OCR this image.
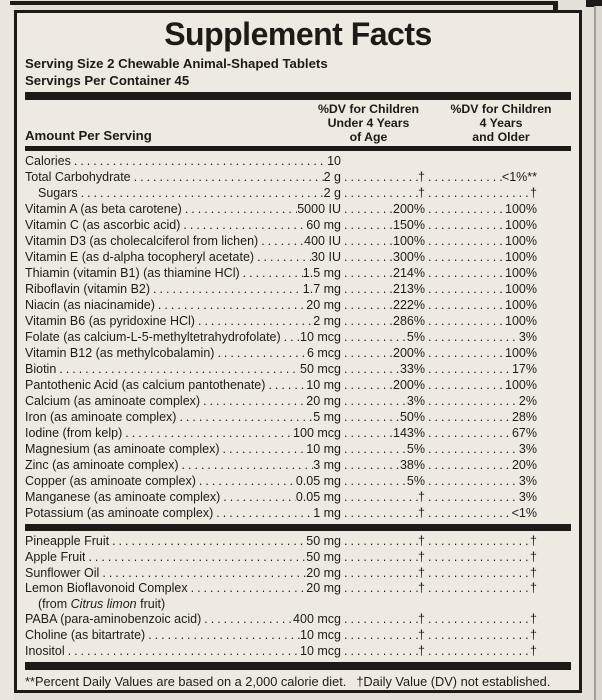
Supplement Facts
Serving Size 2 Chewable Animal-Shaped Tablets
Servings Per Container 45
Amount Per Serving
%DV for Children
Under 4 Years
of Age
%DV for Children
4 Years
and Older
Calories .....	10
Total Carbohydrate .....	2 g .....	† .....	<1%**
Sugars .....	2 g .....	† .....	†
Vitamin A (as beta carotene) .....	5000 IU .....	200% .....	100%
Vitamin C (as ascorbic acid) .....	60 mg .....	150% .....	100%
Vitamin D3 (as cholecalciferol from lichen) .....	400 IU .....	100% .....	100%
Vitamin E (as d-alpha tocopheryl acetate) .....	30 IU .....	300% .....	100%
Thiamin (vitamin B1) (as thiamine HCl) .....	1.5 mg .....	214% .....	100%
Riboflavin (vitamin B2) .....	1.7 mg .....	213% .....	100%
Niacin (as niacinamide) .....	20 mg .....	222% .....	100%
Vitamin B6 (as pyridoxine HCl) .....	2 mg .....	286% .....	100%
Folate (as calcium-L-5-methyltetrahydrofolate) ..... 10 mcg .....	5% .....	3%
Vitamin B12 (as methylcobalamin) .....	6 mcg .....	200% .....	100%
Biotin .....	50 mcg .....	33% .....	17%
Pantothenic Acid (as calcium pantothenate) .....	10 mg .....	200% .....	100%
Calcium (as aminoate complex) .....	20 mg .....	3% .....	2%
Iron (as aminoate complex) .....	5 mg .....	50% .....	28%
Iodine (from kelp) .....	100 mcg .....	143% .....	67%
Magnesium (as aminoate complex) .....	10 mg .....	5% .....	3%
Zinc (as aminoate complex) .....	3 mg .....	38% .....	20%
Copper (as aminoate complex) .....	0.05 mg .....	5% .....	3%
Manganese (as aminoate complex) .....	0.05 mg .....	† .....	3%
Potassium (as aminoate complex) .....	1 mg .....	† .....	<1%
Pineapple Fruit .....	50 mg .....	† .....	†
Apple Fruit .....	50 mg .....	† .....	†
Sunflower Oil .....	20 mg .....	† .....	†
Lemon Bioflavonoid Complex .....	20 mg .....	† .....	†
(from Citrus limon fruit)
PABA (para-aminobenzoic acid) .....	400 mcg .....	† .....	†
Choline (as bitartrate) .....	10 mcg .....	† .....	†
Inositol .....	10 mcg .....	† .....	†
**Percent Daily Values are based on a 2,000 calorie diet. †Daily Value (DV) not established.
